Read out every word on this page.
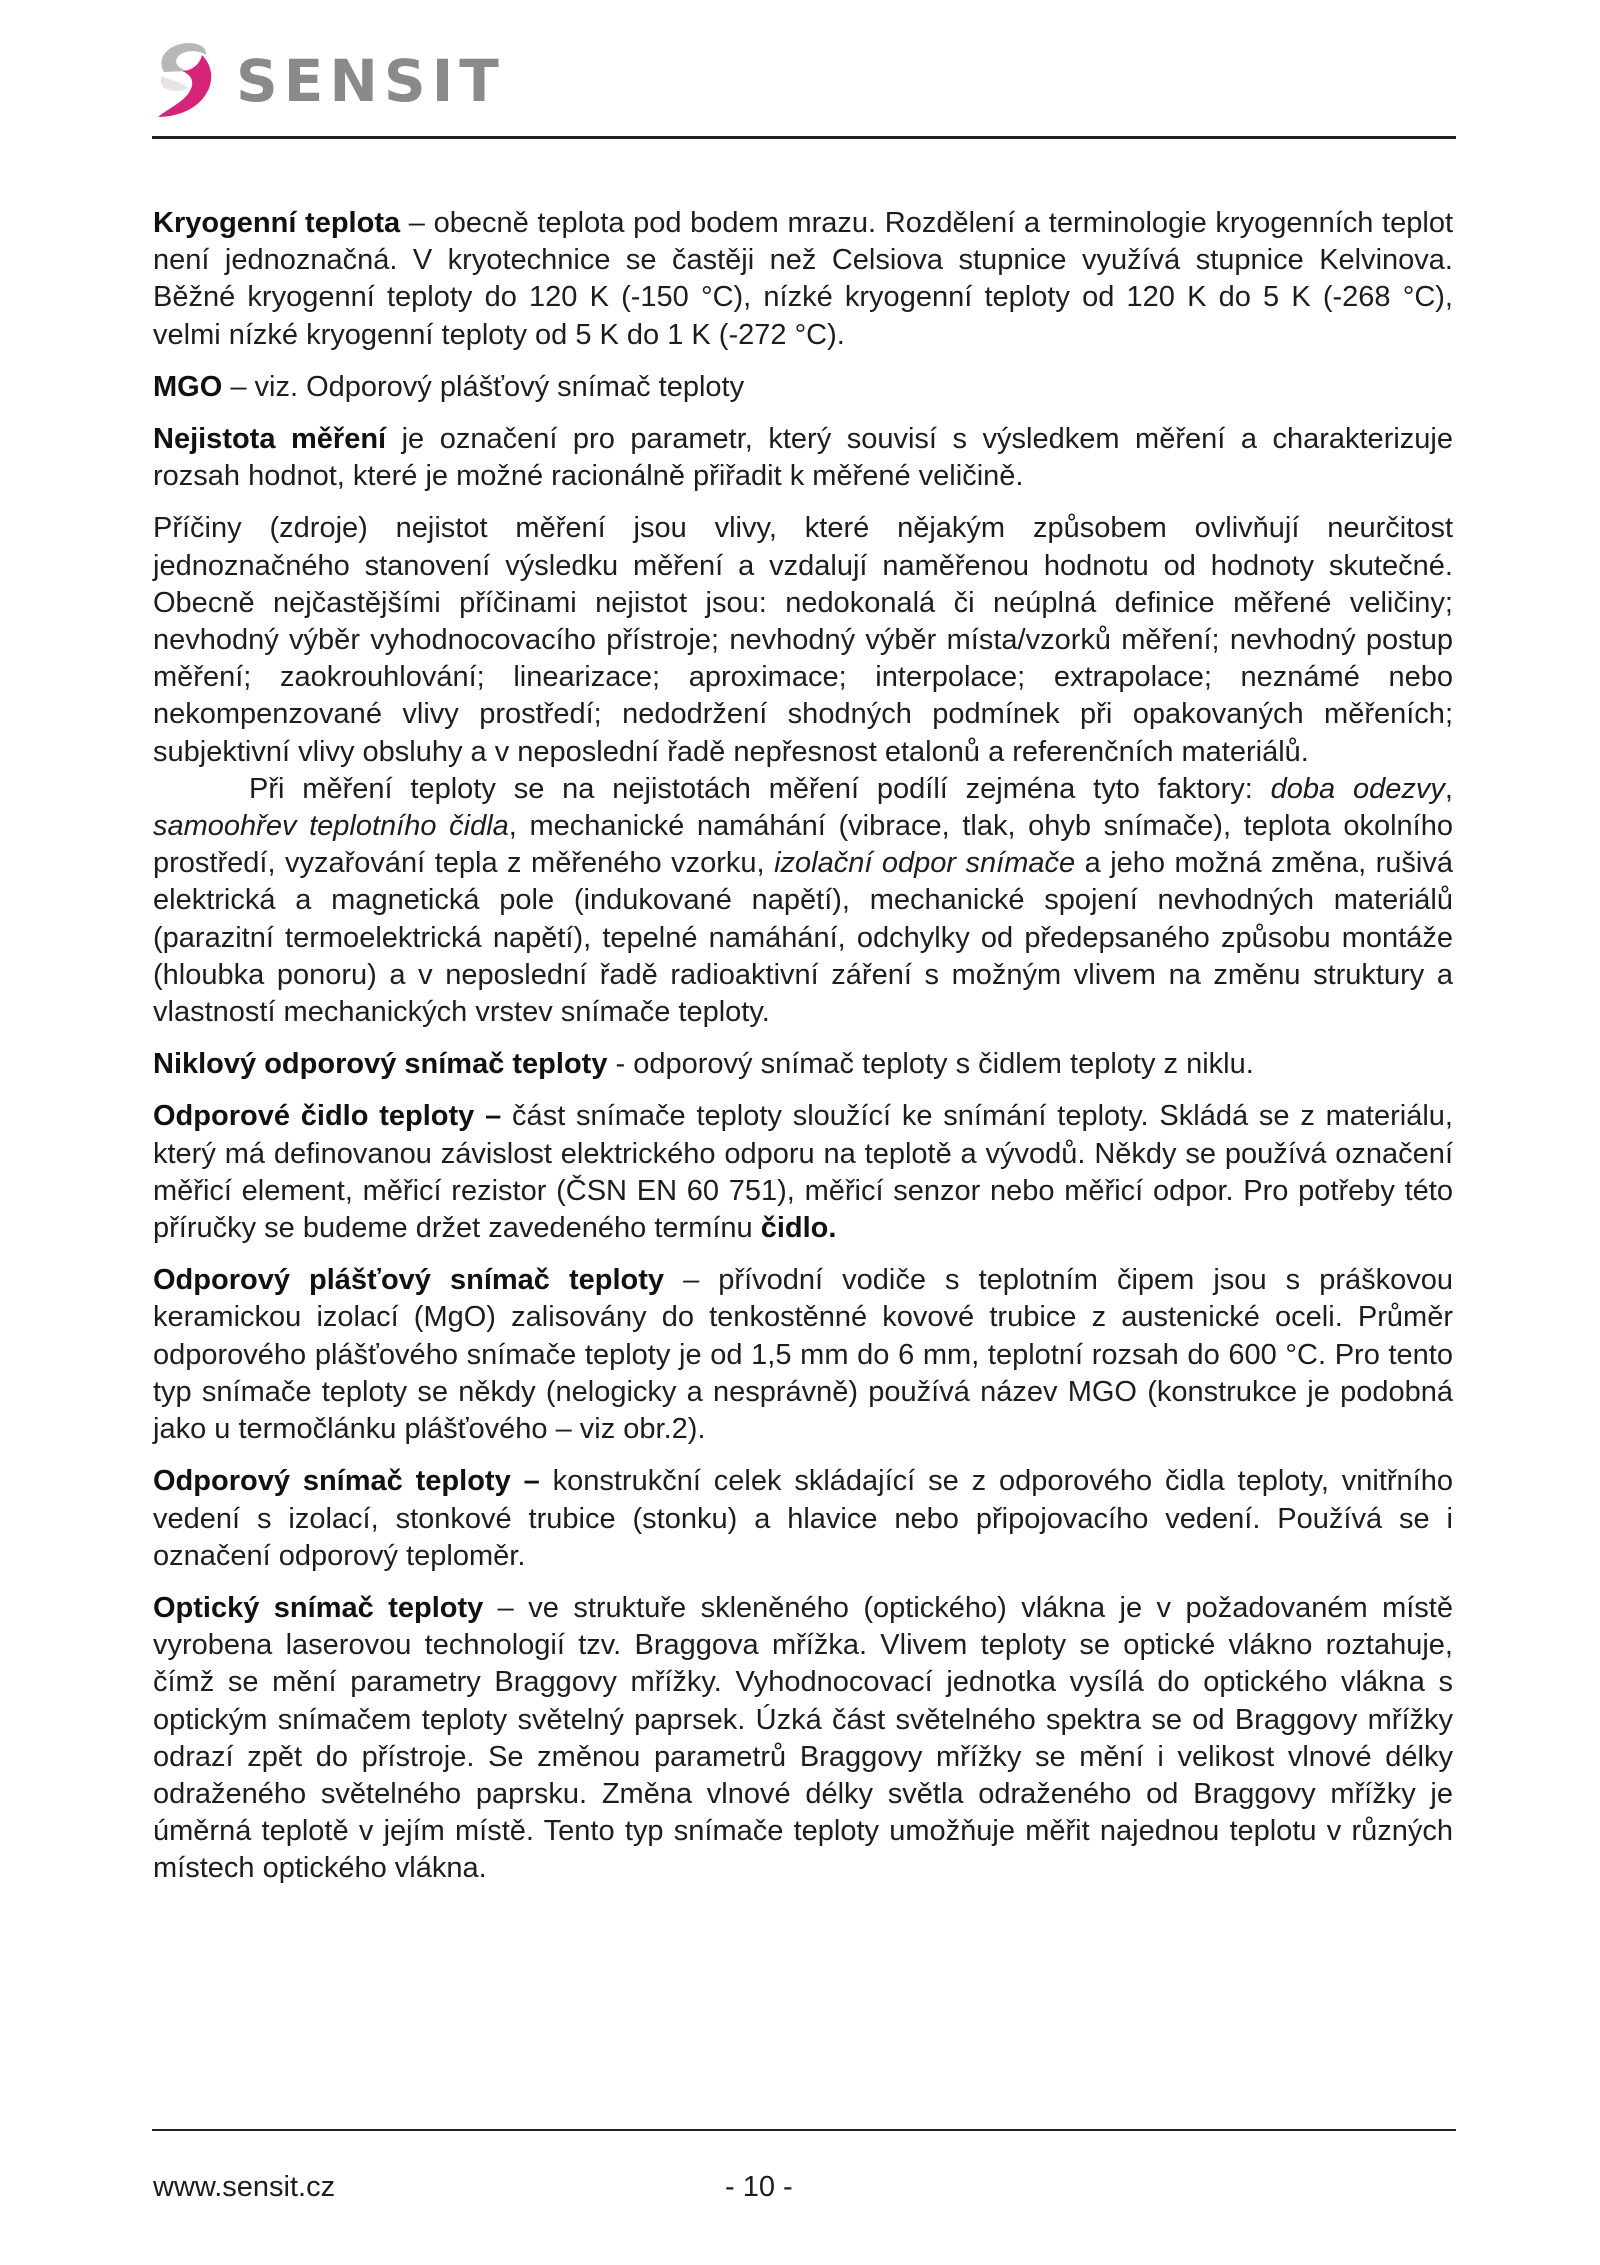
SENSIT

Kryogenní teplota – obecně teplota pod bodem mrazu. Rozdělení a terminologie kryogenních teplot není jednoznačná. V kryotechnice se častěji než Celsiova stupnice využívá stupnice Kelvinova. Běžné kryogenní teploty do 120 K (-150 °C), nízké kryogenní teploty od 120 K do 5 K (-268 °C), velmi nízké kryogenní teploty od 5 K do 1 K (-272 °C).

MGO – viz. Odporový plášťový snímač teploty

Nejistota měření je označení pro parametr, který souvisí s výsledkem měření a charakterizuje rozsah hodnot, které je možné racionálně přiřadit k měřené veličině.

Příčiny (zdroje) nejistot měření jsou vlivy, které nějakým způsobem ovlivňují neurčitost jednoznačného stanovení výsledku měření a vzdalují naměřenou hodnotu od hodnoty skutečné. Obecně nejčastějšími příčinami nejistot jsou: nedokonalá či neúplná definice měřené veličiny; nevhodný výběr vyhodnocovacího přístroje; nevhodný výběr místa/vzorků měření; nevhodný postup měření; zaokrouhlování; linearizace; aproximace; interpolace; extrapolace; neznámé nebo nekompenzované vlivy prostředí; nedodržení shodných podmínek při opakovaných měřeních; subjektivní vlivy obsluhy a v neposlední řadě nepřesnost etalonů a referenčních materiálů.

Při měření teploty se na nejistotách měření podílí zejména tyto faktory: doba odezvy, samoohřev teplotního čidla, mechanické namáhání (vibrace, tlak, ohyb snímače), teplota okolního prostředí, vyzařování tepla z měřeného vzorku, izolační odpor snímače a jeho možná změna, rušivá elektrická a magnetická pole (indukované napětí), mechanické spojení nevhodných materiálů (parazitní termoelektrická napětí), tepelné namáhání, odchylky od předepsaného způsobu montáže (hloubka ponoru) a v neposlední řadě radioaktivní záření s možným vlivem na změnu struktury a vlastností mechanických vrstev snímače teploty.

Niklový odporový snímač teploty - odporový snímač teploty s čidlem teploty z niklu.

Odporové čidlo teploty – část snímače teploty sloužící ke snímání teploty. Skládá se z materiálu, který má definovanou závislost elektrického odporu na teplotě a vývodů. Někdy se používá označení měřicí element, měřicí rezistor (ČSN EN 60 751), měřicí senzor nebo měřicí odpor. Pro potřeby této příručky se budeme držet zavedeného termínu čidlo.

Odporový plášťový snímač teploty – přívodní vodiče s teplotním čipem jsou s práškovou keramickou izolací (MgO) zalisovány do tenkostěnné kovové trubice z austenické oceli. Průměr odporového plášťového snímače teploty je od 1,5 mm do 6 mm, teplotní rozsah do 600 °C. Pro tento typ snímače teploty se někdy (nelogicky a nesprávně) používá název MGO (konstrukce je podobná jako u termočlánku plášťového – viz obr.2).

Odporový snímač teploty – konstrukční celek skládající se z odporového čidla teploty, vnitřního vedení s izolací, stonkové trubice (stonku) a hlavice nebo připojovacího vedení. Používá se i označení odporový teploměr.

Optický snímač teploty – ve struktuře skleněného (optického) vlákna je v požadovaném místě vyrobena laserovou technologií tzv. Braggova mřížka. Vlivem teploty se optické vlákno roztahuje, čímž se mění parametry Braggovy mřížky. Vyhodnocovací jednotka vysílá do optického vlákna s optickým snímačem teploty světelný paprsek. Úzká část světelného spektra se od Braggovy mřížky odrazí zpět do přístroje. Se změnou parametrů Braggovy mřížky se mění i velikost vlnové délky odraženého světelného paprsku. Změna vlnové délky světla odraženého od Braggovy mřížky je úměrná teplotě v jejím místě. Tento typ snímače teploty umožňuje měřit najednou teplotu v různých místech optického vlákna.

www.sensit.cz	- 10 -
